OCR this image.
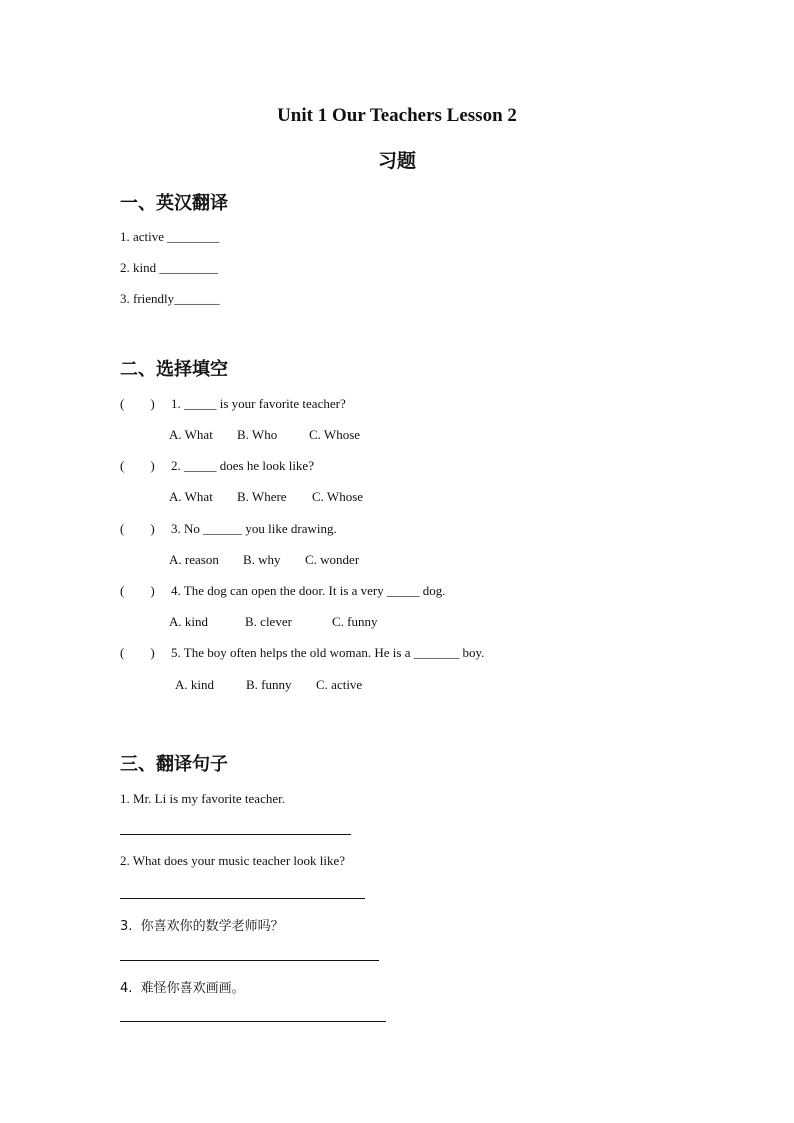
Unit 1 Our Teachers Lesson 2
习题
一、英汉翻译
1. active ________
2. kind _________
3. friendly_______
二、选择填空
(        ) 1. _____ is your favorite teacher?
A. What B. Who C. Whose
(        ) 2. _____ does he look like?
A. What B. Where C. Whose
(        ) 3. No ______ you like drawing.
A. reason B. why C. wonder
(        ) 4. The dog can open the door. It is a very _____ dog.
A. kind	B. clever	C. funny
(        ) 5. The boy often helps the old woman. He is a _______ boy.
A. kind B. funny C. active
三、翻译句子
1. Mr. Li is my favorite teacher.
2. What does your music teacher look like?
3.  你喜欢你的数学老师吗？
4.  难怪你喜欢画画。
